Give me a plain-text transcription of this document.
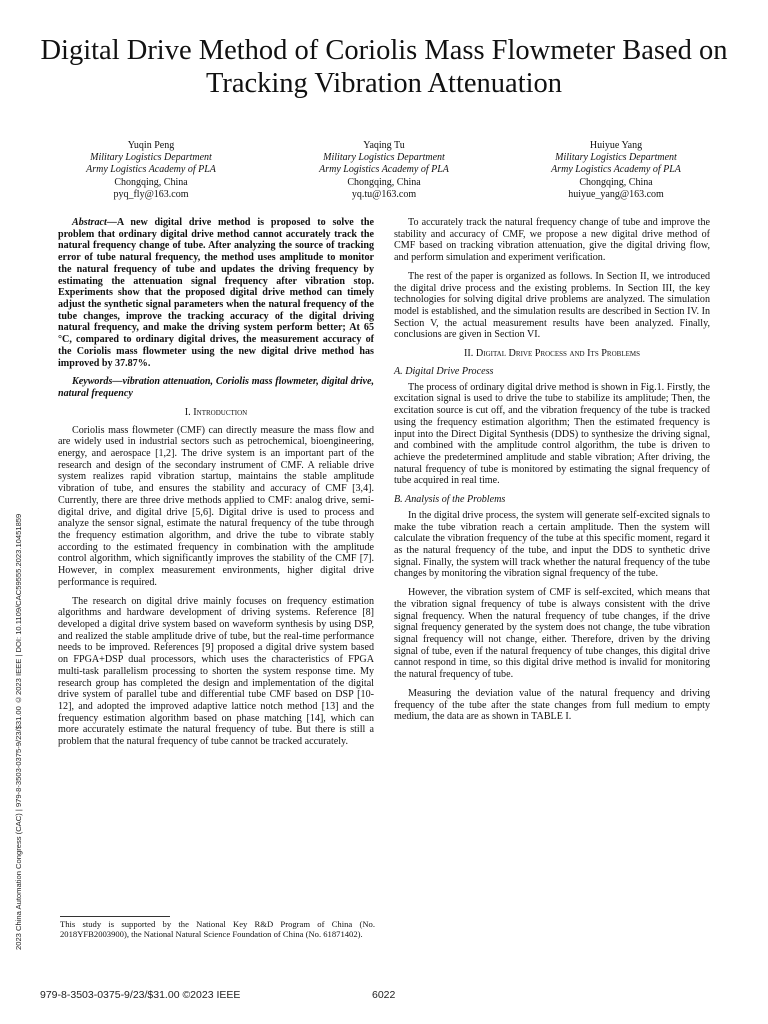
Digital Drive Method of Coriolis Mass Flowmeter Based on Tracking Vibration Attenuation
Yuqin Peng
Military Logistics Department
Army Logistics Academy of PLA
Chongqing, China
pyq_fly@163.com
Yaqing Tu
Military Logistics Department
Army Logistics Academy of PLA
Chongqing, China
yq.tu@163.com
Huiyue Yang
Military Logistics Department
Army Logistics Academy of PLA
Chongqing, China
huiyue_yang@163.com

Abstract—A new digital drive method is proposed to solve the problem that ordinary digital drive method cannot accurately track the natural frequency change of tube. After analyzing the source of tracking error of tube natural frequency, the method uses amplitude to monitor the natural frequency of tube and updates the driving frequency by estimating the attenuation signal frequency after vibration stop. Experiments show that the proposed digital drive method can timely adjust the synthetic signal parameters when the natural frequency of the tube changes, improve the tracking accuracy of the digital driving natural frequency, and make the driving system perform better; At 65 °C, compared to ordinary digital drives, the measurement accuracy of the Coriolis mass flowmeter using the new digital drive method has improved by 37.87%.

Keywords—vibration attenuation, Coriolis mass flowmeter, digital drive, natural frequency

I. Introduction

Coriolis mass flowmeter (CMF) can directly measure the mass flow and are widely used in industrial sectors such as petrochemical, bioengineering, energy, and aerospace [1,2]. The drive system is an important part of the research and design of the secondary instrument of CMF. A reliable drive system realizes rapid vibration startup, maintains the stable amplitude vibration of tube, and ensures the stability and accuracy of CMF [3,4]. Currently, there are three drive methods applied to CMF: analog drive, semi-digital drive, and digital drive [5,6]. Digital drive is used to process and analyze the sensor signal, estimate the natural frequency of the tube through the frequency estimation algorithm, and drive the tube to vibrate stably according to the estimated frequency in combination with the amplitude control algorithm, which significantly improves the stability of the CMF [7]. However, in complex measurement environments, higher digital drive performance is required.

The research on digital drive mainly focuses on frequency estimation algorithms and hardware development of driving systems. Reference [8] developed a digital drive system based on waveform synthesis by using DSP, and realized the stable amplitude drive of tube, but the real-time performance needs to be improved. References [9] proposed a digital drive system based on FPGA+DSP dual processors, which uses the characteristics of FPGA multi-task parallelism processing to shorten the system response time. My research group has completed the design and implementation of the digital drive system of parallel tube and differential tube CMF based on DSP [10-12], and adopted the improved adaptive lattice notch method [13] and the frequency estimation algorithm based on phase matching [14], which can more accurately estimate the natural frequency of tube. But there is still a problem that the natural frequency of tube cannot be tracked accurately.

To accurately track the natural frequency change of tube and improve the stability and accuracy of CMF, we propose a new digital drive method of CMF based on tracking vibration attenuation, give the digital driving flow, and perform simulation and experiment verification.

The rest of the paper is organized as follows. In Section II, we introduced the digital drive process and the existing problems. In Section III, the key technologies for solving digital drive problems are analyzed. The simulation model is established, and the simulation results are described in Section IV. In Section V, the actual measurement results have been analyzed. Finally, conclusions are given in Section VI.

II. Digital Drive Process and Its Problems
A. Digital Drive Process

The process of ordinary digital drive method is shown in Fig.1. Firstly, the excitation signal is used to drive the tube to stabilize its amplitude; Then, the excitation source is cut off, and the vibration frequency of the tube is tracked using the frequency estimation algorithm; Then the estimated frequency is input into the Direct Digital Synthesis (DDS) to synthesize the driving signal, and combined with the amplitude control algorithm, the tube is driven to achieve the predetermined amplitude and stable vibration; After driving, the natural frequency of tube is monitored by estimating the signal frequency of tube acquired in real time.

B. Analysis of the Problems

In the digital drive process, the system will generate self-excited signals to make the tube vibration reach a certain amplitude. Then the system will calculate the vibration frequency of the tube at this specific moment, regard it as the natural frequency of the tube, and input the DDS to synthetic drive signal. Finally, the system will track whether the natural frequency of the tube changes by monitoring the vibration signal frequency of the tube.

However, the vibration system of CMF is self-excited, which means that the vibration signal frequency of tube is always consistent with the drive signal frequency. When the natural frequency of tube changes, if the drive signal frequency generated by the system does not change, the tube vibration signal frequency will not change, either. Therefore, driven by the driving signal of tube, even if the natural frequency of tube changes, this digital drive cannot respond in time, so this digital drive method is invalid for monitoring the natural frequency of tube.

Measuring the deviation value of the natural frequency and driving frequency of the tube after the state changes from full medium to empty medium, the data are as shown in TABLE I.

This study is supported by the National Key R&D Program of China (No. 2018YFB2003900), the National Natural Science Foundation of China (No. 61871402).
2023 China Automation Congress (CAC) | 979-8-3503-0375-9/23/$31.00 ©2023 IEEE | DOI: 10.1109/CAC59555.2023.10451859
979-8-3503-0375-9/23/$31.00 ©2023 IEEE	6022
